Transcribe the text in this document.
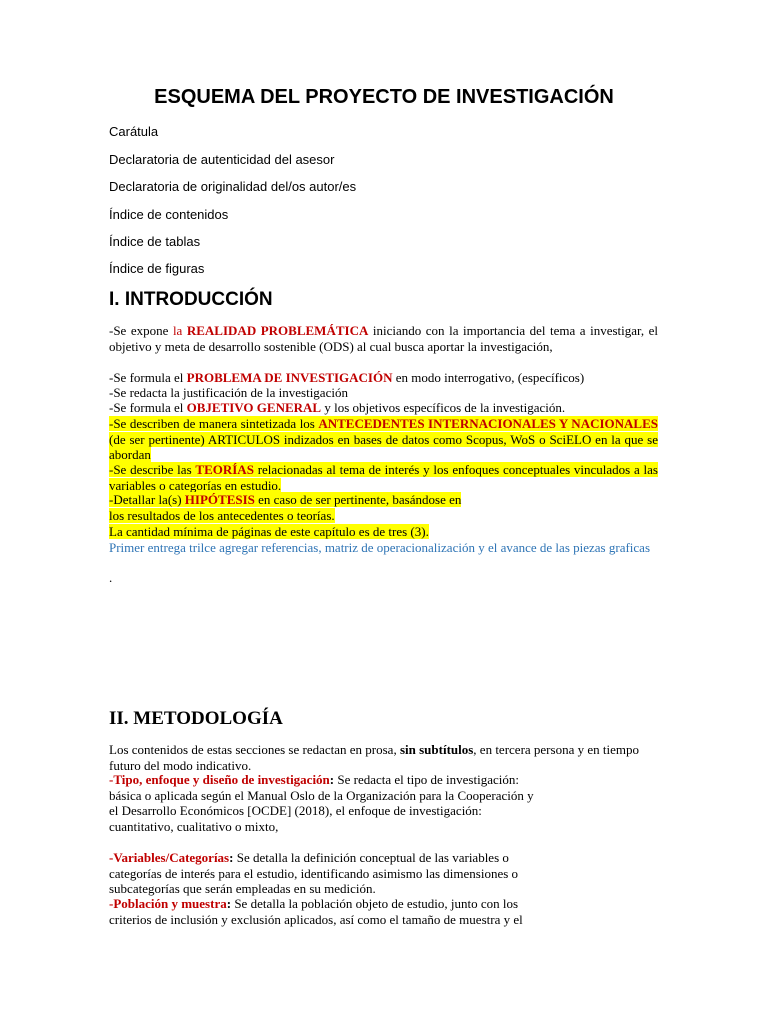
ESQUEMA DEL PROYECTO DE INVESTIGACIÓN
Carátula
Declaratoria de autenticidad del asesor
Declaratoria de originalidad del/os autor/es
Índice de contenidos
Índice de tablas
Índice de figuras
I. INTRODUCCIÓN

-Se expone la REALIDAD PROBLEMÁTICA iniciando con la importancia del tema a investigar, el objetivo y meta de desarrollo sostenible (ODS) al cual busca aportar la investigación,

-Se formula el PROBLEMA DE INVESTIGACIÓN en modo interrogativo, (específicos)

-Se redacta la justificación de la investigación

-Se formula el OBJETIVO GENERAL y los objetivos específicos de la investigación.

-Se describen de manera sintetizada los ANTECEDENTES INTERNACIONALES Y NACIONALES (de ser pertinente) ARTICULOS indizados en bases de datos como Scopus, WoS o SciELO en la que se abordan

-Se describe las TEORÍAS relacionadas al tema de interés y los enfoques conceptuales vinculados a las variables o categorías en estudio.

-Detallar la(s) HIPÓTESIS en caso de ser pertinente, basándose en
los resultados de los antecedentes o teorías.

La cantidad mínima de páginas de este capítulo es de tres (3).

Primer entrega trilce agregar referencias, matriz de operacionalización y el avance de las piezas graficas

.

II. METODOLOGÍA

Los contenidos de estas secciones se redactan en prosa, sin subtítulos, en tercera persona y en tiempo futuro del modo indicativo.

-Tipo, enfoque y diseño de investigación: Se redacta el tipo de investigación:
básica o aplicada según el Manual Oslo de la Organización para la Cooperación y
el Desarrollo Económicos [OCDE] (2018), el enfoque de investigación:
cuantitativo, cualitativo o mixto,

-Variables/Categorías: Se detalla la definición conceptual de las variables o
categorías de interés para el estudio, identificando asimismo las dimensiones o
subcategorías que serán empleadas en su medición.

-Población y muestra: Se detalla la población objeto de estudio, junto con los
criterios de inclusión y exclusión aplicados, así como el tamaño de muestra y el
